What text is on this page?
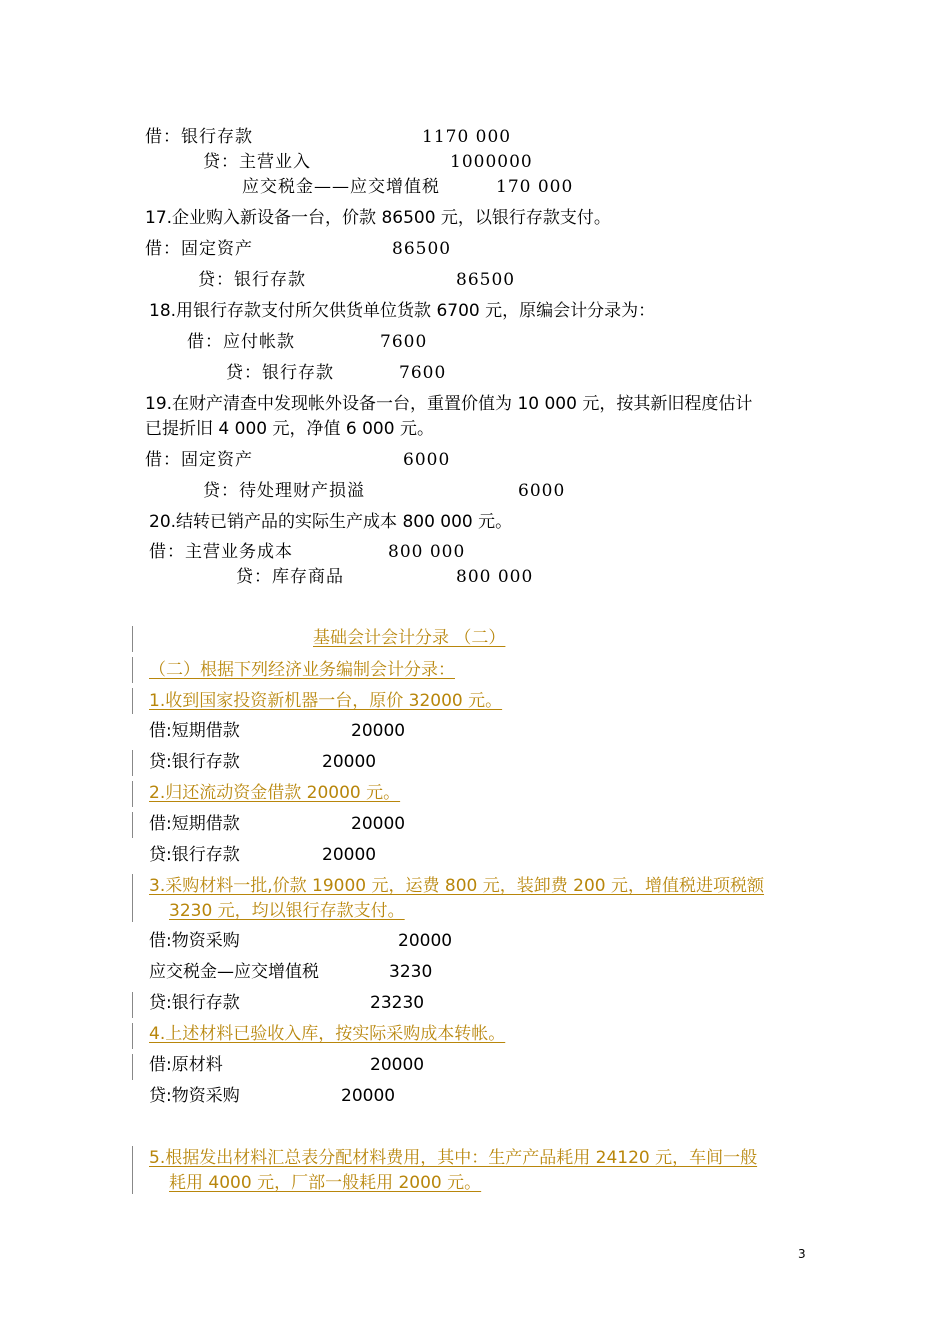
借：银行存款	1170 000
贷：主营业入	1000000
应交税金——应交增值税	170 000
17.企业购入新设备一台，价款 86500 元，以银行存款支付。
借：固定资产	86500
贷：银行存款	86500
18.用银行存款支付所欠供货单位货款 6700 元，原编会计分录为：
借：应付帐款	7600
贷：银行存款	7600
19.在财产清查中发现帐外设备一台，重置价值为 10 000 元，按其新旧程度估计
已提折旧 4 000 元，净值 6 000 元。
借：固定资产	6000
贷：待处理财产损溢	6000
20.结转已销产品的实际生产成本 800 000 元。
借：主营业务成本	800 000
贷：库存商品	800 000
基础会计会计分录 （二）
（二）根据下列经济业务编制会计分录：
1.收到国家投资新机器一台，原价 32000 元。
借:短期借款	20000
贷:银行存款	20000
2.归还流动资金借款 20000 元。
借:短期借款	20000
贷:银行存款	20000
3.采购材料一批,价款 19000 元，运费 800 元，装卸费 200 元，增值税进项税额
3230 元，均以银行存款支付。
借:物资采购	20000
应交税金—应交增值税	3230
贷:银行存款	23230
4.上述材料已验收入库，按实际采购成本转帐。
借:原材料	20000
贷:物资采购	20000
5.根据发出材料汇总表分配材料费用，其中：生产产品耗用 24120 元，车间一般
耗用 4000 元，厂部一般耗用 2000 元。
3
